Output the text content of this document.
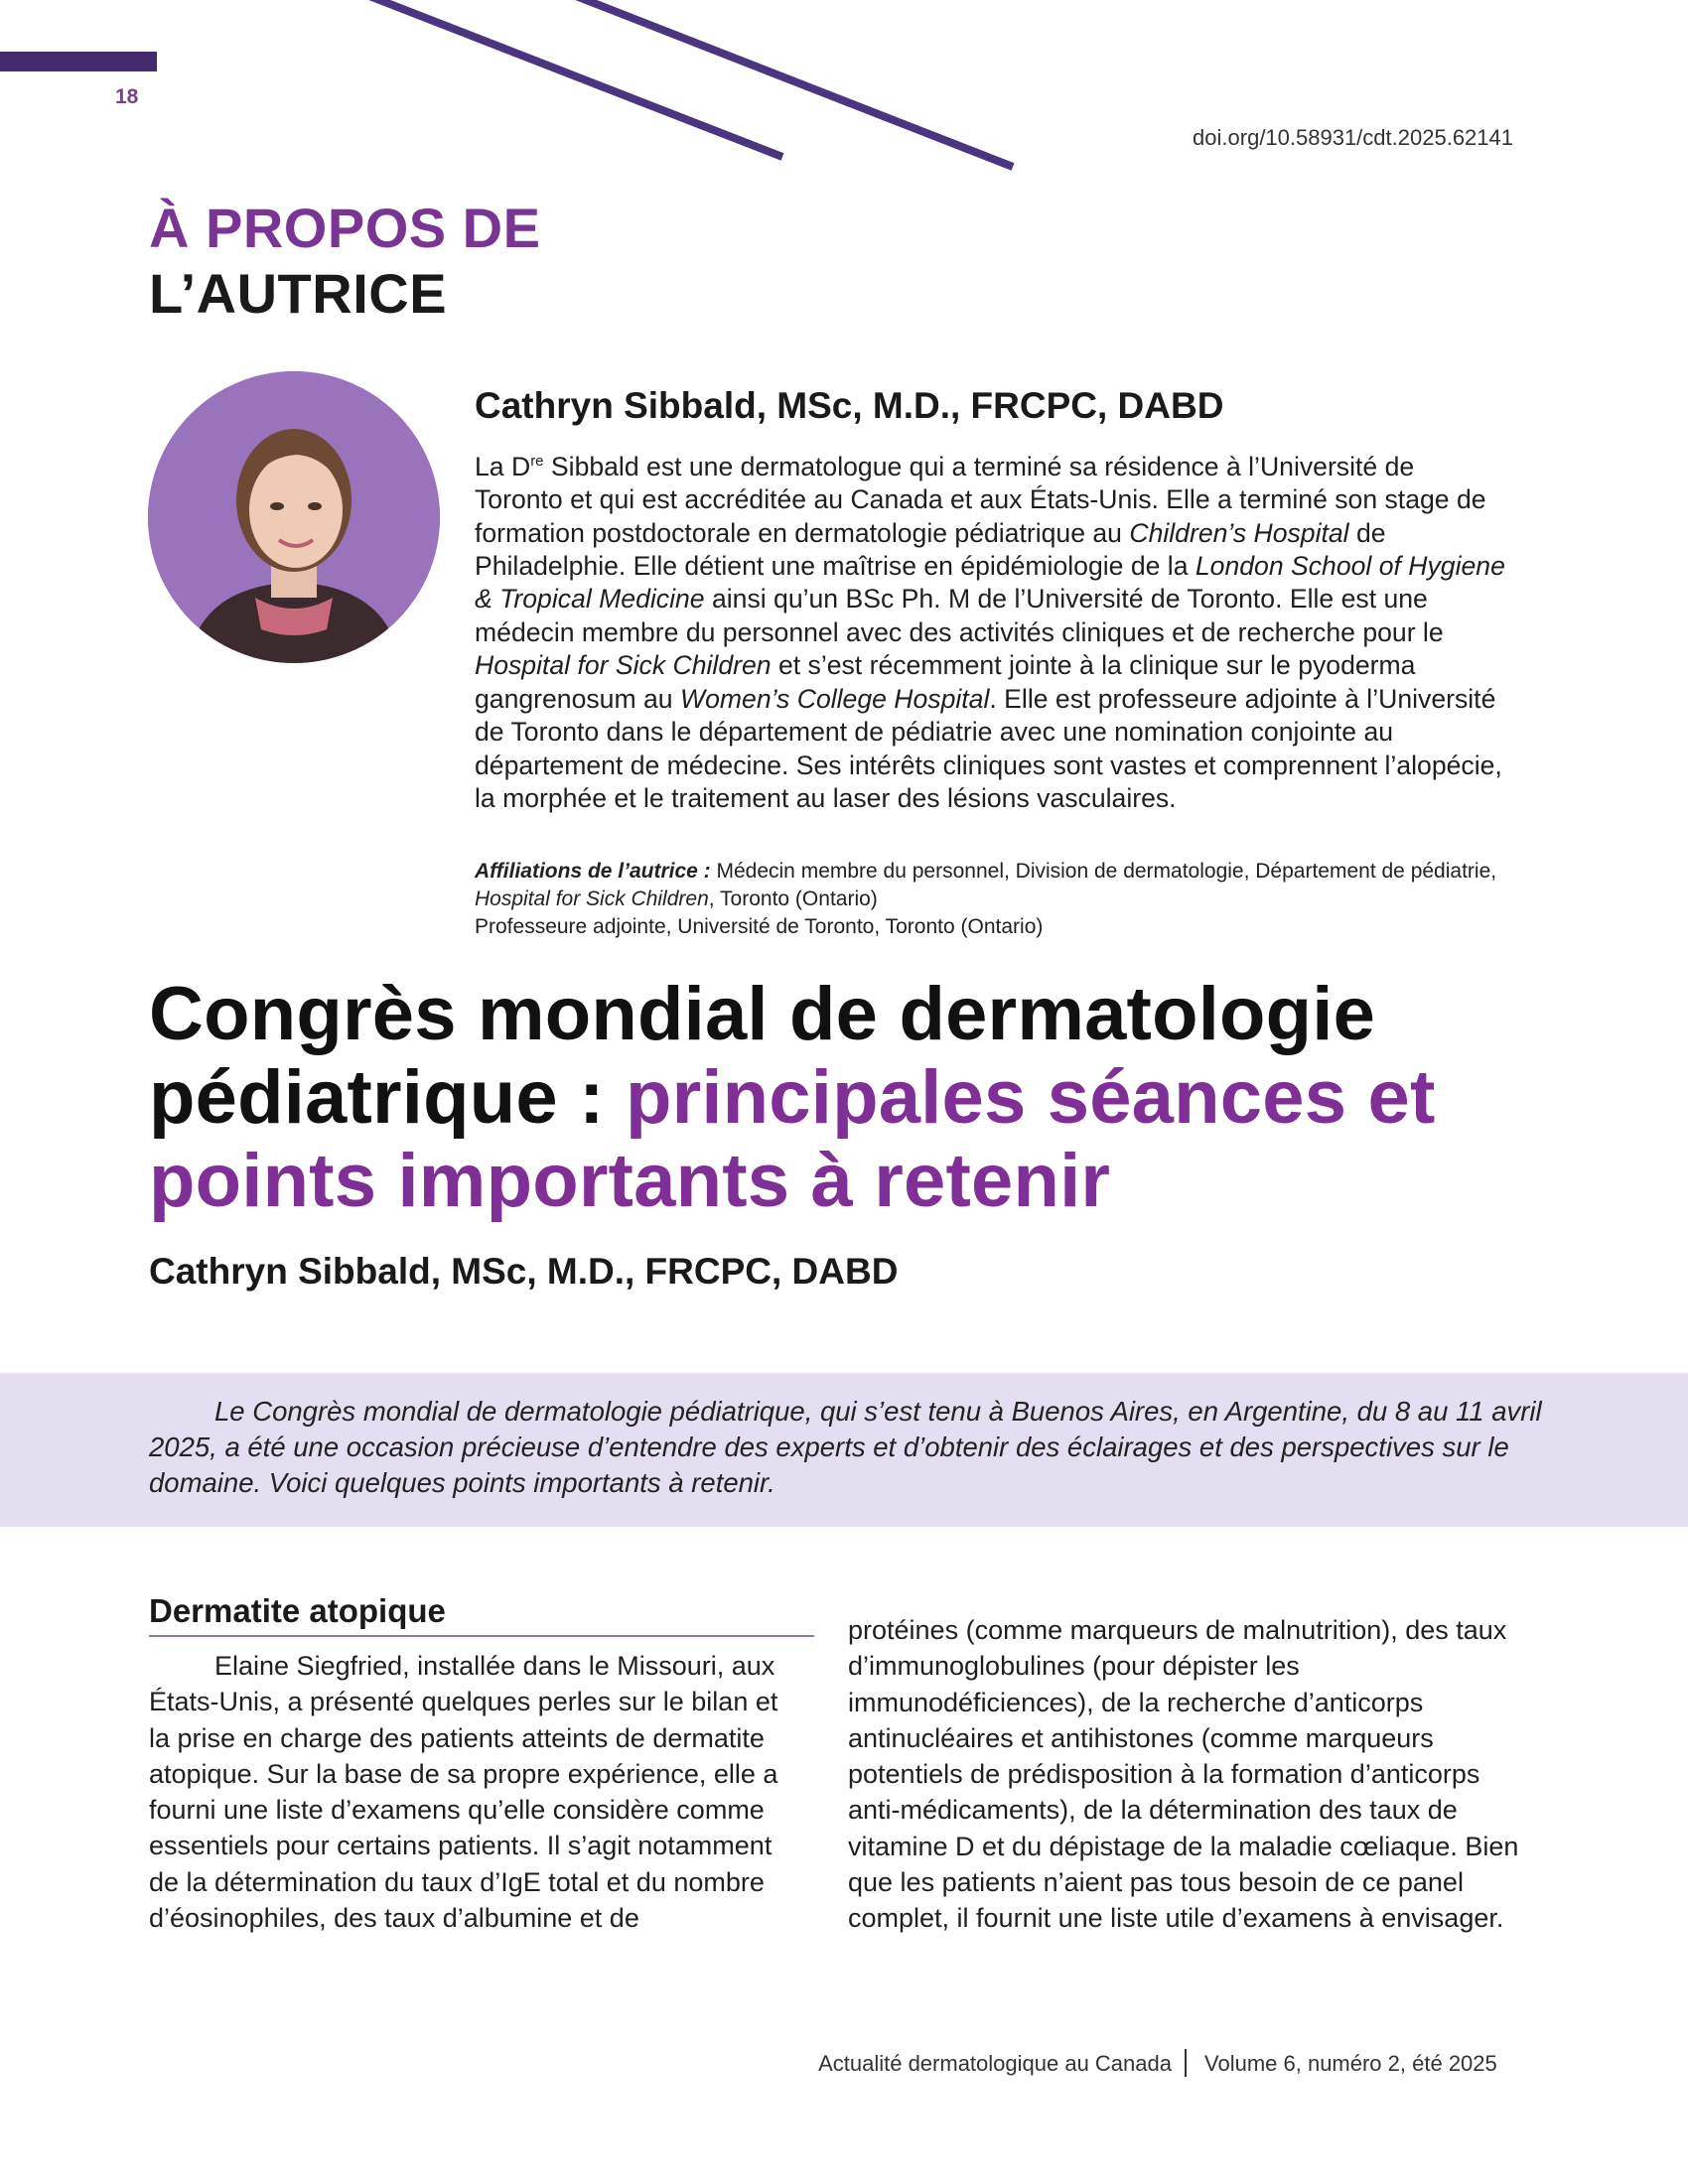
18
doi.org/10.58931/cdt.2025.62141
À PROPOS DE
L’AUTRICE
Cathryn Sibbald, MSc, M.D., FRCPC, DABD

La Dre Sibbald est une dermatologue qui a terminé sa résidence à l’Université de Toronto et qui est accréditée au Canada et aux États-Unis. Elle a terminé son stage de formation postdoctorale en dermatologie pédiatrique au Children’s Hospital de Philadelphie. Elle détient une maîtrise en épidémiologie de la London School of Hygiene & Tropical Medicine ainsi qu’un BSc Ph. M de l’Université de Toronto. Elle est une médecin membre du personnel avec des activités cliniques et de recherche pour le Hospital for Sick Children et s’est récemment jointe à la clinique sur le pyoderma gangrenosum au Women’s College Hospital. Elle est professeure adjointe à l’Université de Toronto dans le département de pédiatrie avec une nomination conjointe au département de médecine. Ses intérêts cliniques sont vastes et comprennent l’alopécie, la morphée et le traitement au laser des lésions vasculaires.

Affiliations de l’autrice : Médecin membre du personnel, Division de dermatologie, Département de pédiatrie, Hospital for Sick Children, Toronto (Ontario)
Professeure adjointe, Université de Toronto, Toronto (Ontario)

Congrès mondial de dermatologie pédiatrique : principales séances et points importants à retenir
Cathryn Sibbald, MSc, M.D., FRCPC, DABD

Le Congrès mondial de dermatologie pédiatrique, qui s’est tenu à Buenos Aires, en Argentine, du 8 au 11 avril 2025, a été une occasion précieuse d’entendre des experts et d’obtenir des éclairages et des perspectives sur le domaine. Voici quelques points importants à retenir.

Dermatite atopique

Elaine Siegfried, installée dans le Missouri, aux États-Unis, a présenté quelques perles sur le bilan et la prise en charge des patients atteints de dermatite atopique. Sur la base de sa propre expérience, elle a fourni une liste d’examens qu’elle considère comme essentiels pour certains patients. Il s’agit notamment de la détermination du taux d’IgE total et du nombre d’éosinophiles, des taux d’albumine et de

protéines (comme marqueurs de malnutrition), des taux d’immunoglobulines (pour dépister les immunodéficiences), de la recherche d’anticorps antinucléaires et antihistones (comme marqueurs potentiels de prédisposition à la formation d’anticorps anti-médicaments), de la détermination des taux de vitamine D et du dépistage de la maladie cœliaque. Bien que les patients n’aient pas tous besoin de ce panel complet, il fournit une liste utile d’examens à envisager.

Actualité dermatologique au Canada Volume 6, numéro 2, été 2025
